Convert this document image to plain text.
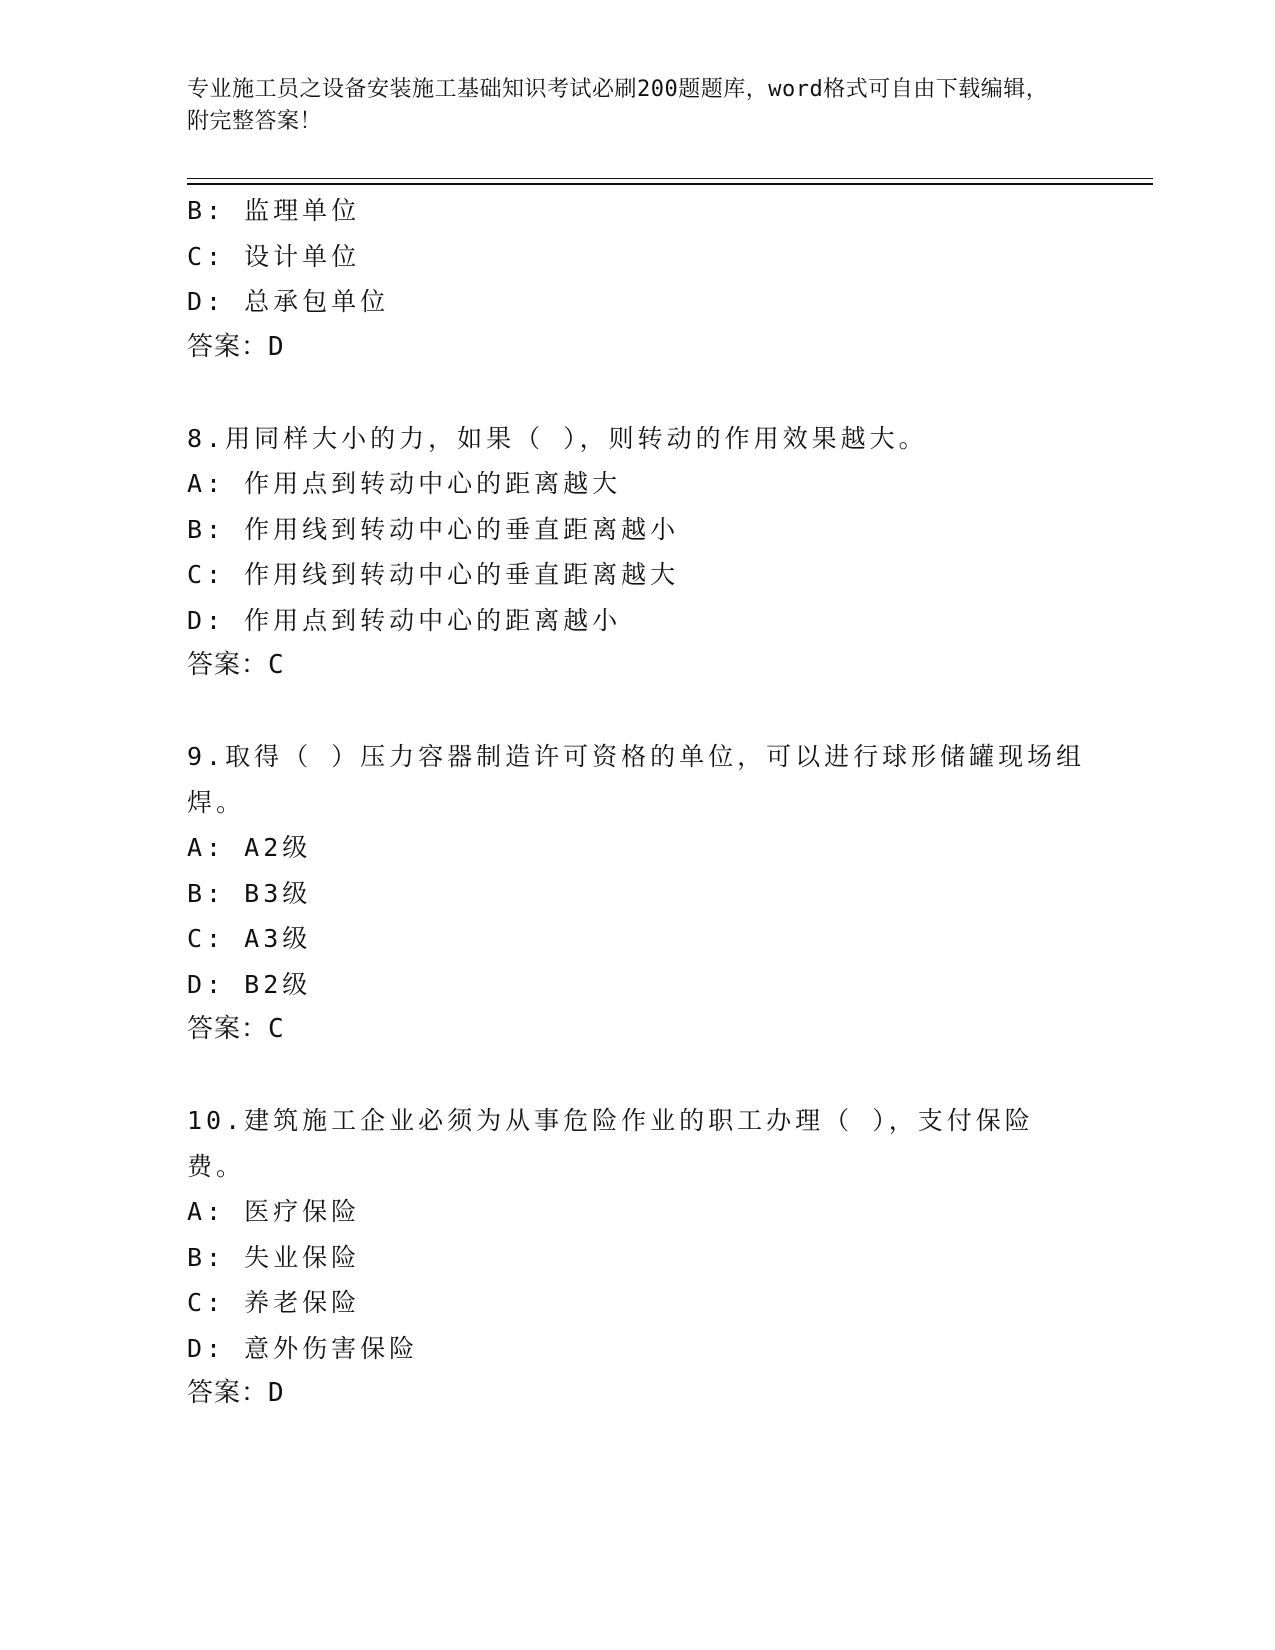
专业施工员之设备安装施工基础知识考试必刷200题题库，word格式可自由下载编辑，附完整答案！
B: 监理单位
C: 设计单位
D: 总承包单位
答案：D
8.用同样大小的力，如果（ ），则转动的作用效果越大。
A: 作用点到转动中心的距离越大
B: 作用线到转动中心的垂直距离越小
C: 作用线到转动中心的垂直距离越大
D: 作用点到转动中心的距离越小
答案：C
9.取得（ ）压力容器制造许可资格的单位，可以进行球形储罐现场组焊。
A: A2级
B: B3级
C: A3级
D: B2级
答案：C
10.建筑施工企业必须为从事危险作业的职工办理（ ），支付保险费。
A: 医疗保险
B: 失业保险
C: 养老保险
D: 意外伤害保险
答案：D
